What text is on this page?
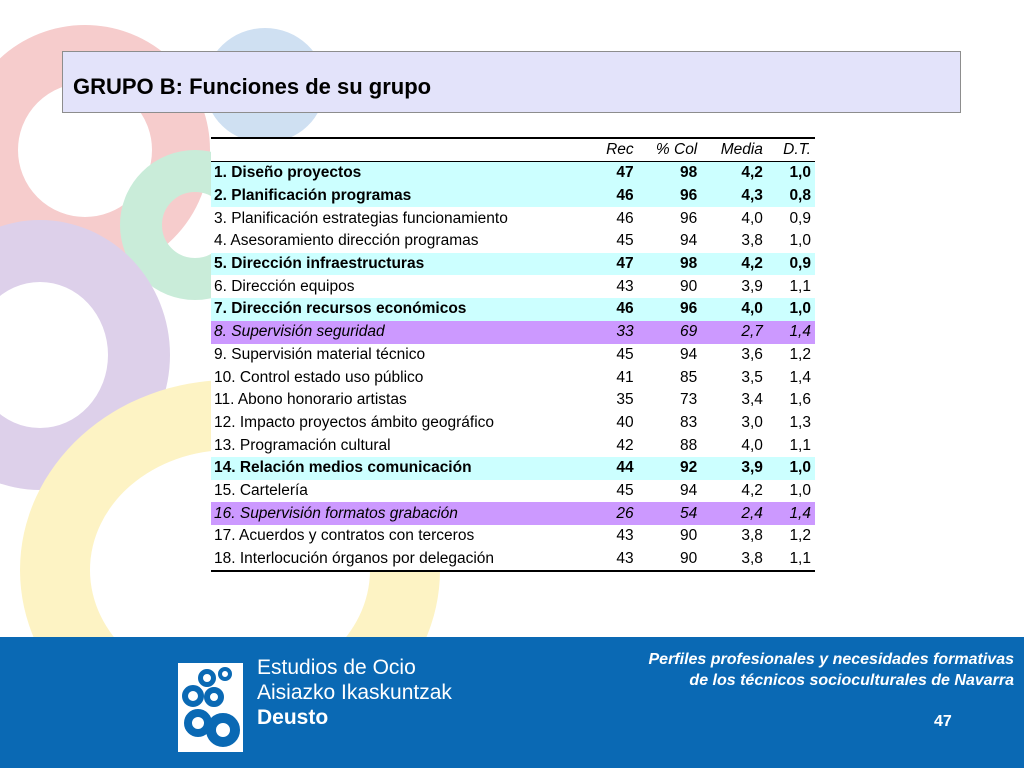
GRUPO B: Funciones de su grupo
	Rec	% Col	Media	D.T.
1. Diseño proyectos	47	98	4,2	1,0
2. Planificación programas	46	96	4,3	0,8
3. Planificación estrategias funcionamiento	46	96	4,0	0,9
4. Asesoramiento dirección programas	45	94	3,8	1,0
5. Dirección infraestructuras	47	98	4,2	0,9
6. Dirección equipos	43	90	3,9	1,1
7. Dirección recursos económicos	46	96	4,0	1,0
8. Supervisión seguridad	33	69	2,7	1,4
9. Supervisión material técnico	45	94	3,6	1,2
10. Control estado uso público	41	85	3,5	1,4
11. Abono honorario artistas	35	73	3,4	1,6
12. Impacto proyectos ámbito geográfico	40	83	3,0	1,3
13. Programación cultural	42	88	4,0	1,1
14. Relación medios comunicación	44	92	3,9	1,0
15. Cartelería	45	94	4,2	1,0
16. Supervisión formatos grabación	26	54	2,4	1,4
17. Acuerdos y contratos con terceros	43	90	3,8	1,2
18. Interlocución órganos por delegación	43	90	3,8	1,1
Estudios de Ocio
Aisiazko Ikaskuntzak
Deusto
Perfiles profesionales y necesidades formativas
de los técnicos socioculturales de Navarra
47
